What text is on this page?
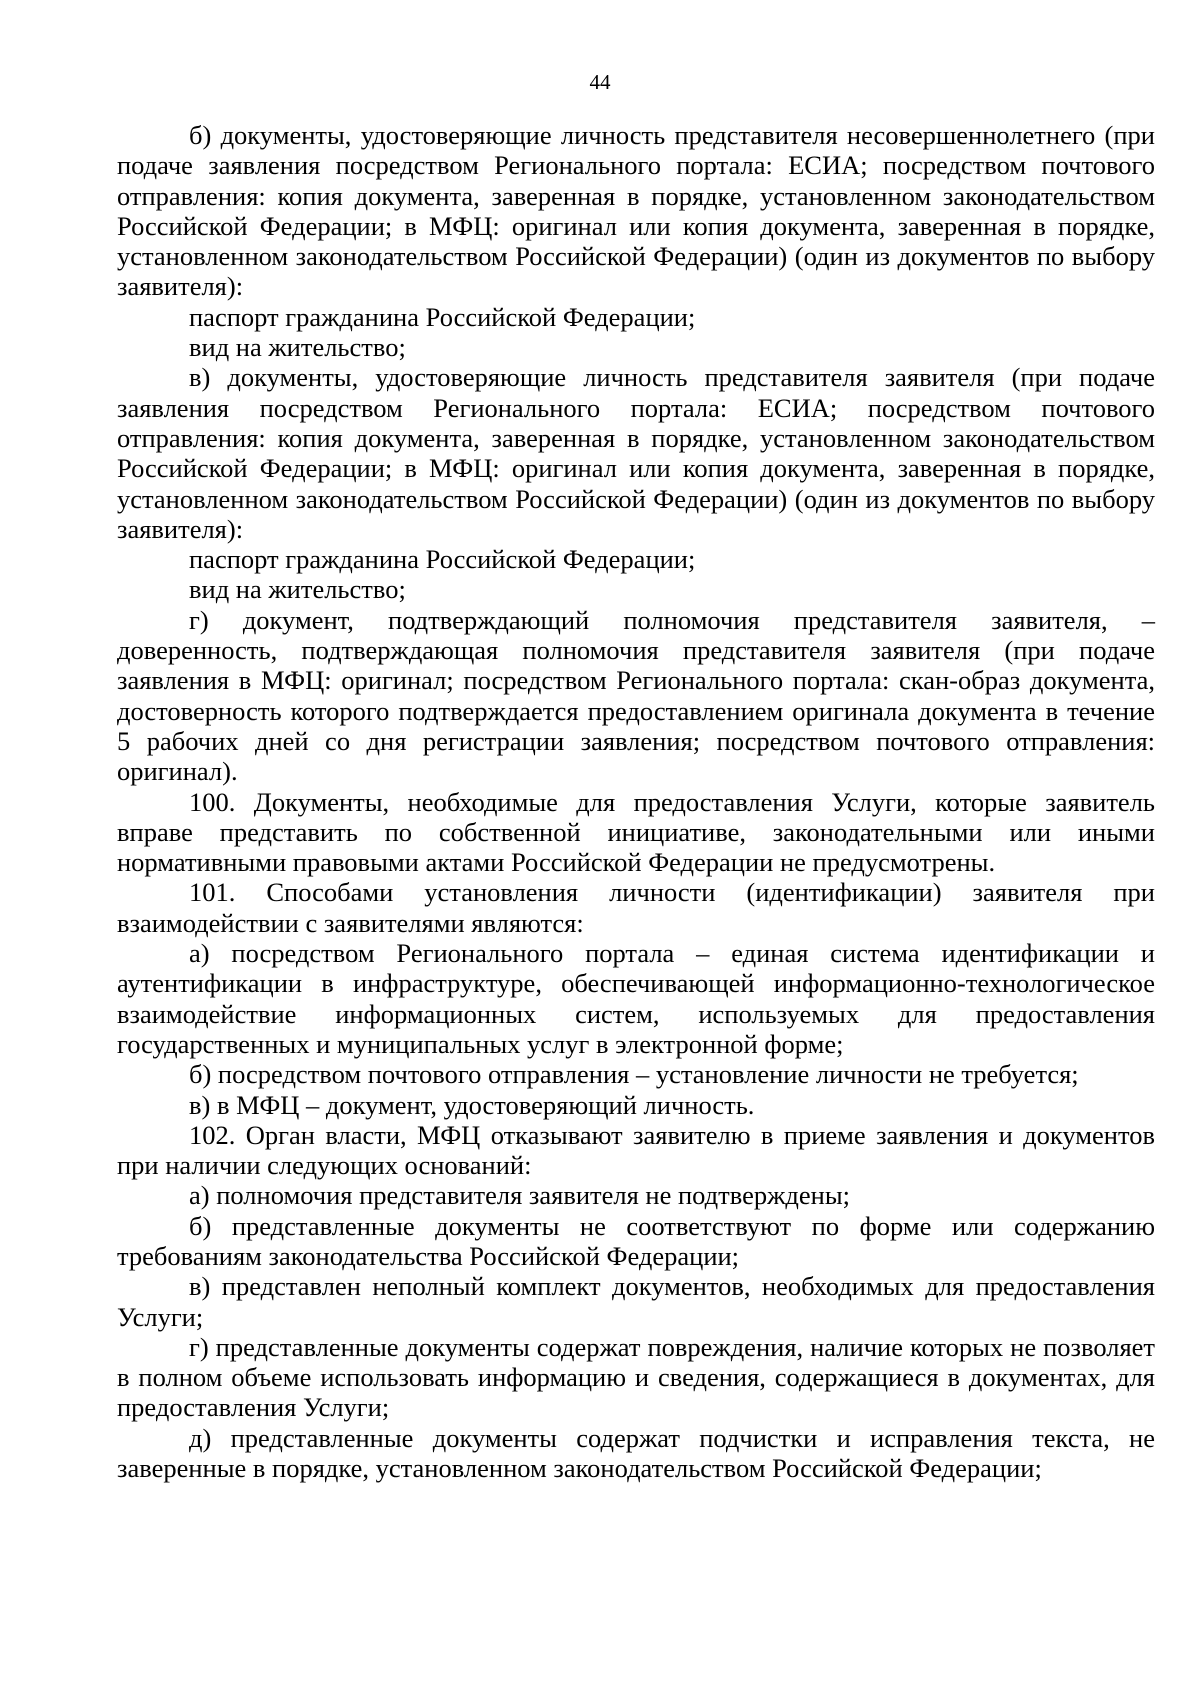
44

б) документы, удостоверяющие личность представителя несовершеннолетнего (при подаче заявления посредством Регионального портала: ЕСИА; посредством почтового отправления: копия документа, заверенная в порядке, установленном законодательством Российской Федерации; в МФЦ: оригинал или копия документа, заверенная в порядке, установленном законодательством Российской Федерации) (один из документов по выбору заявителя):

паспорт гражданина Российской Федерации;

вид на жительство;

в) документы, удостоверяющие личность представителя заявителя (при подаче заявления посредством Регионального портала: ЕСИА; посредством почтового отправления: копия документа, заверенная в порядке, установленном законодательством Российской Федерации; в МФЦ: оригинал или копия документа, заверенная в порядке, установленном законодательством Российской Федерации) (один из документов по выбору заявителя):

паспорт гражданина Российской Федерации;

вид на жительство;

г) документ, подтверждающий полномочия представителя заявителя, – доверенность, подтверждающая полномочия представителя заявителя (при подаче заявления в МФЦ: оригинал; посредством Регионального портала: скан-образ документа, достоверность которого подтверждается предоставлением оригинала документа в течение 5 рабочих дней со дня регистрации заявления; посредством почтового отправления: оригинал).

100. Документы, необходимые для предоставления Услуги, которые заявитель вправе представить по собственной инициативе, законодательными или иными нормативными правовыми актами Российской Федерации не предусмотрены.

101. Способами установления личности (идентификации) заявителя при взаимодействии с заявителями являются:

а) посредством Регионального портала – единая система идентификации и аутентификации в инфраструктуре, обеспечивающей информационно-технологическое взаимодействие информационных систем, используемых для предоставления государственных и муниципальных услуг в электронной форме;

б) посредством почтового отправления – установление личности не требуется;

в) в МФЦ – документ, удостоверяющий личность.

102. Орган власти, МФЦ отказывают заявителю в приеме заявления и документов при наличии следующих оснований:

а) полномочия представителя заявителя не подтверждены;

б) представленные документы не соответствуют по форме или содержанию требованиям законодательства Российской Федерации;

в) представлен неполный комплект документов, необходимых для предоставления Услуги;

г) представленные документы содержат повреждения, наличие которых не позволяет в полном объеме использовать информацию и сведения, содержащиеся в документах, для предоставления Услуги;

д) представленные документы содержат подчистки и исправления текста, не заверенные в порядке, установленном законодательством Российской Федерации;
